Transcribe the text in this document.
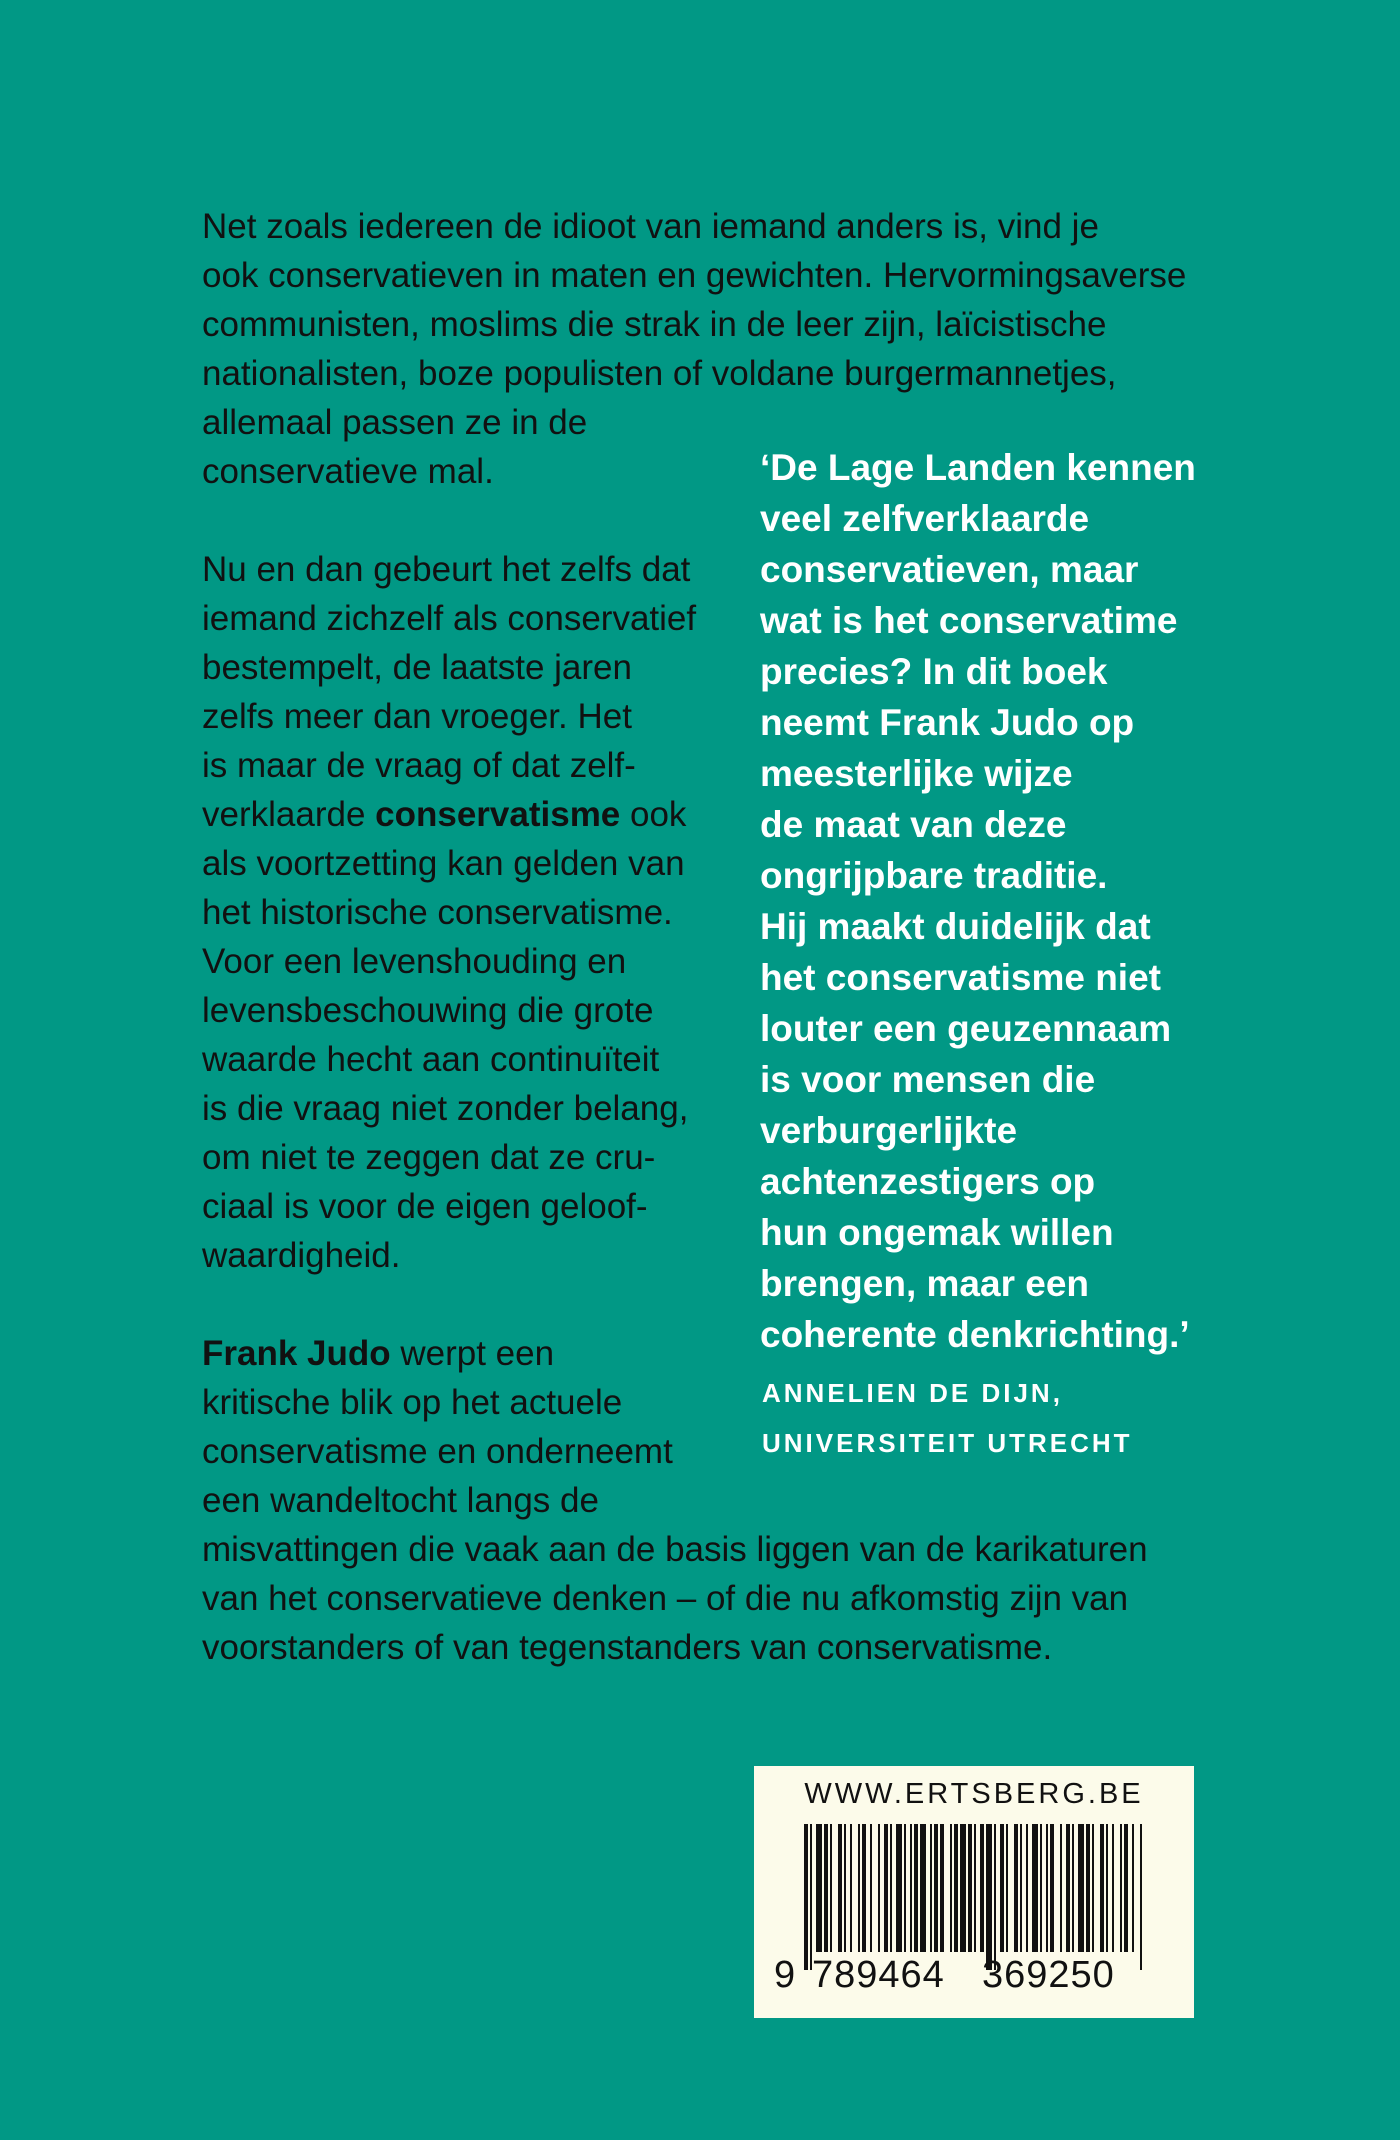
Net zoals iedereen de idioot van iemand anders is, vind je

ook conservatieven in maten en gewichten. Hervormingsaverse

communisten, moslims die strak in de leer zijn, laïcistische

nationalisten, boze populisten of voldane burgermannetjes,

allemaal passen ze in de

conservatieve mal.

Nu en dan gebeurt het zelfs dat

iemand zichzelf als conservatief

bestempelt, de laatste jaren

zelfs meer dan vroeger. Het

is maar de vraag of dat zelf-

verklaarde conservatisme ook

als voortzetting kan gelden van

het historische conservatisme.

Voor een levenshouding en

levensbeschouwing die grote

waarde hecht aan continuïteit

is die vraag niet zonder belang,

om niet te zeggen dat ze cru-

ciaal is voor de eigen geloof-

waardigheid.

Frank Judo werpt een

kritische blik op het actuele

conservatisme en onderneemt

een wandeltocht langs de

misvattingen die vaak aan de basis liggen van de karikaturen

van het conservatieve denken – of die nu afkomstig zijn van

voorstanders of van tegenstanders van conservatisme.

‘De Lage Landen kennen
veel zelfverklaarde
conservatieven, maar
wat is het conservatime
precies? In dit boek
neemt Frank Judo op
meesterlijke wijze
de maat van deze
ongrijpbare traditie.
Hij maakt duidelijk dat
het conservatisme niet
louter een geuzennaam
is voor mensen die
verburgerlijkte
achtenzestigers op
hun ongemak willen
brengen, maar een
coherente denkrichting.’
ANNELIEN DE DIJN,
UNIVERSITEIT UTRECHT
WWW.ERTSBERG.BE
9 789464 369250
